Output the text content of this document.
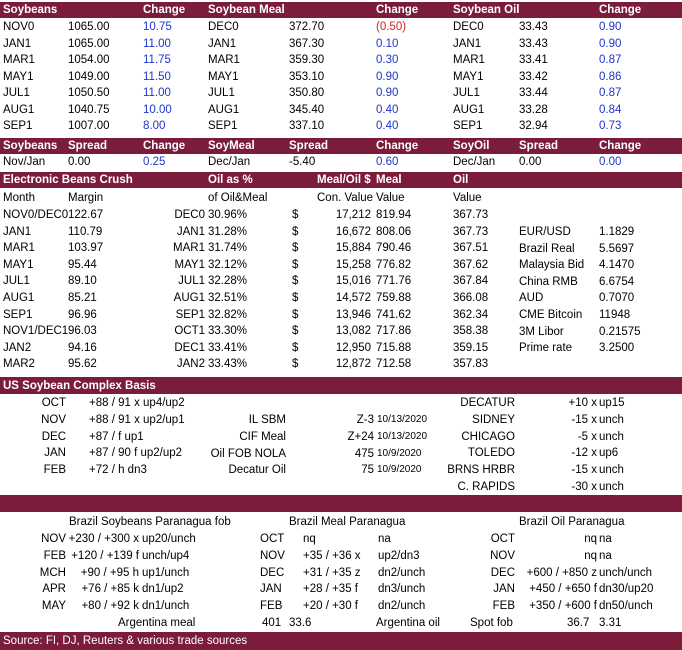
Soybeans	Change Soybean Meal	Change	Soybean Oil	Change
NOV0	1065.00	10.75	DEC0	372.70	(0.50)	DEC0	33.43	0.90
JAN1	1065.00	11.00	JAN1	367.30	0.10	JAN1	33.43	0.90
MAR1	1054.00	11.75	MAR1	359.30	0.30	MAR1	33.41	0.87
MAY1	1049.00	11.50	MAY1	353.10	0.90	MAY1	33.42	0.86
JUL1	1050.50	11.00	JUL1	350.80	0.90	JUL1	33.44	0.87
AUG1	1040.75	10.00	AUG1	345.40	0.40	AUG1	33.28	0.84
SEP1	1007.00	8.00	SEP1	337.10	0.40	SEP1	32.94	0.73
Soybeans Spread	Change SoyMeal	Spread	Change	SoyOil	Spread	Change
Nov/Jan 0.00	0.25	Dec/Jan	-5.40	0.60	Dec/Jan 0.00	0.00
Electronic Beans Crush	Oil as %	Meal/Oil $ Meal	Oil
Month	Margin	of Oil&Meal	Con. Value Value	Value
NOV0/DEC0 122.67	DEC0 30.96%	$	17,212 819.94	367.73
JAN1	110.79	JAN1 31.28%	$	16,672 808.06	367.73
MAR1	103.97	MAR1 31.74%	$	15,884 790.46	367.51
MAY1	95.44	MAY1 32.12%	$	15,258 776.82	367.62
JUL1	89.10	JUL1 32.28%	$	15,016 771.76	367.84
AUG1	85.21	AUG1 32.51%	$	14,572 759.88	366.08
SEP1	96.96	SEP1 32.82%	$	13,946 741.62	362.34
NOV1/DEC1 96.03	OCT1 33.30%	$	13,082 717.86	358.38
JAN2	94.16	DEC1 33.41%	$	12,950 715.88	359.15
MAR2	95.62	JAN2 33.43%	$	12,872 712.58	357.83
EUR/USD 1.1829
Brazil Real 5.5697
Malaysia Bid 4.1470
China RMB 6.6754
AUD	0.7070
CME Bitcoin 11948
3M Libor	0.21575
Prime rate 3.2500
US Soybean Complex Basis
OCT +88 / 91 x up4/up2
NOV +88 / 91 x up2/up1
DEC +87 / f up1
JAN +87 / 90 f up2/up2
FEB +72 / h dn3
IL SBM	Z-3 10/13/2020
CIF Meal	Z+24 10/13/2020
Oil FOB NOLA	475 10/9/2020
Decatur Oil	75 10/9/2020
DECATUR	+10 x up15
SIDNEY	-15 x unch
CHICAGO	-5 x unch
TOLEDO	-12 x up6
BRNS HRBR	-15 x unch
C. RAPIDS	-30 x unch
Brazil Soybeans Paranagua fob	Brazil Meal Paranagua	Brazil Oil Paranagua
NOV +230 / +300 x up20/unch
FEB +120 / +139 f unch/up4
MCH	+90 / +95 h up1/unch
APR	+76 / +85 k dn1/up2
MAY	+80 / +92 k dn1/unch
OCT nq	na
NOV +35 / +36 x up2/dn3
DEC +31 / +35 z dn2/unch
JAN +28 / +35 f dn3/unch
FEB +20 / +30 f dn2/unch
OCT	nq na
NOV	nq na
DEC	+600 / +850 z unch/unch
JAN	+450 / +650 f dn30/up20
FEB	+350 / +600 f dn50/unch
Argentina meal	401 33.6	Argentina oil	Spot fob	36.7 3.31
Source: FI, DJ, Reuters & various trade sources
